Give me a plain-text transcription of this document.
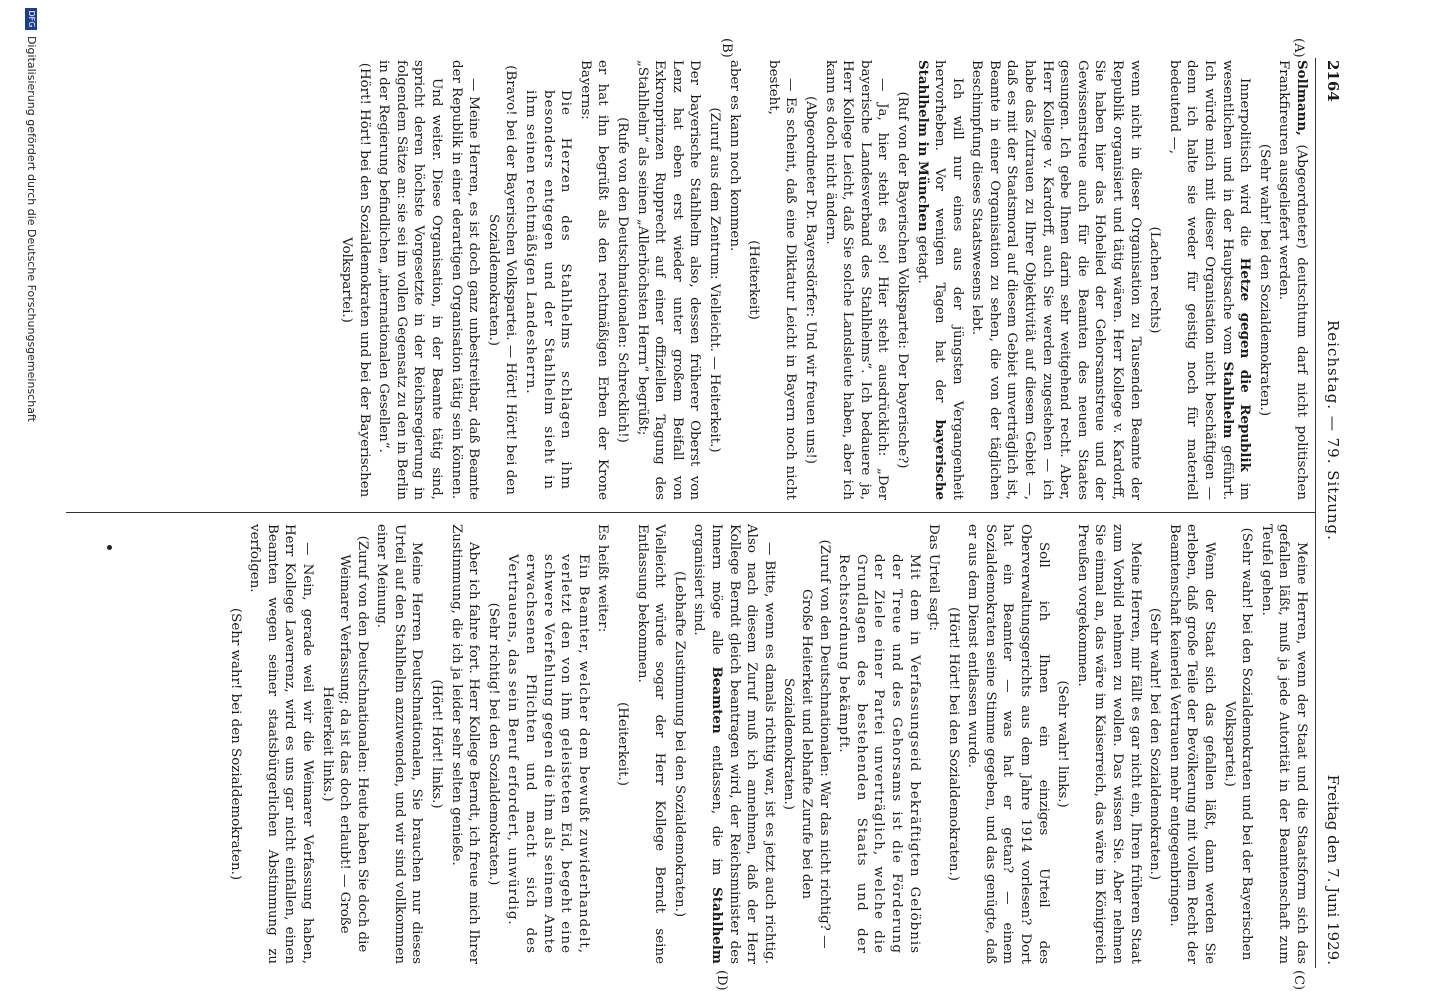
2164
Reichstag. — 79. Sitzung.
Freitag den 7. Juni 1929.
(A)
(B)
(C)
(D)

Sollmann, (Abgeordneter) deutschtum darf nicht politischen Frankfireuren ausgeliefert werden.

(Sehr wahr! bei den Sozialdemokraten.)

Innerpolitisch wird die Hetze gegen die Republik im wesentlichen und in der Hauptsache vom Stahlhelm geführt. Ich würde mich mit dieser Organisation nicht beschäftigen — denn ich halte sie weder für geistig noch für materiell bedeutend —,

(Lachen rechts)

wenn nicht in dieser Organisation zu Tausenden Beamte der Republik organisiert und tätig wären. Herr Kollege v. Kardorff, Sie haben hier das Hohelied der Gehorsamstreue und der Gewissenstreue auch für die Beamten des neuen Staates gesungen. Ich gebe Ihnen darin sehr weitgehend recht. Aber, Herr Kollege v. Kardorff, auch Sie werden zugestehen — ich habe das Zutrauen zu Ihrer Objektivität auf diesem Gebiet —, daß es mit der Staatsmoral auf diesem Gebiet unverträglich ist, Beamte in einer Organisation zu sehen, die von der täglichen Beschimpfung dieses Staatswesens lebt.

Ich will nur eines aus der jüngsten Vergangenheit hervorheben. Vor wenigen Tagen hat der bayerische Stahlhelm in München getagt.

(Ruf von der Bayerischen Volkspartei: Der bayerische?)

— Ja, hier steht es so! Hier steht ausdrücklich: „Der bayerische Landesverband des Stahlhelms“. Ich bedauere ja, Herr Kollege Leicht, daß Sie solche Landsleute haben, aber ich kann es doch nicht ändern.

(Abgeordneter Dr. Bayersdörfer: Und wir freuen uns!)

— Es scheint, daß eine Diktatur Leicht in Bayern noch nicht besteht,

(Heiterkeit)

aber es kann noch kommen.

(Zuruf aus dem Zentrum: Vielleicht. — Heiterkeit.)

Der bayerische Stahlhelm also, dessen früherer Oberst von Lenz hat eben erst wieder unter großem Beifall von Exkronprinzen Rupprecht auf einer offiziellen Tagung des „Stahlhelm“ als seinen „Allerhöchsten Herrn“ begrüßt;

(Rufe von den Deutschnationalen: Schrecklich!)

er hat ihn begrüßt als den rechtmäßigen Erben der Krone Bayerns:

Die Herzen des Stahlhelms schlagen ihm besonders entgegen und der Stahlhelm sieht in ihm seinen rechtmäßigen Landesherrn.

(Bravo! bei der Bayerischen Volkspartei. — Hört! Hört! bei den Sozialdemokraten.)

— Meine Herren, es ist doch ganz unbestreitbar, daß Beamte der Republik in einer derartigen Organisation tätig sein können.

Und weiter. Diese Organisation, in der Beamte tätig sind, spricht deren höchste Vorgesetzte in der Reichsregierung in folgendem Sätze an: sie sei im vollen Gegensatz zu den in Berlin in der Regierung befindlichen „internationalen Gesellen“.

(Hört! Hört! bei den Sozialdemokraten und bei der Bayerischen Volkspartei.)

Meine Herren, wenn der Staat und die Staatsform sich das gefallen läßt, muß ja jede Autorität in der Beamtenschaft zum Teufel gehen.

(Sehr wahr! bei den Sozialdemokraten und bei der Bayerischen Volkspartei.)

Wenn der Staat sich das gefallen läßt, dann werden Sie erleben, daß große Teile der Bevölkerung mit vollem Recht der Beamtenschaft keinerlei Vertrauen mehr entgegenbringen.

(Sehr wahr! bei den Sozialdemokraten.)

Meine Herren, mir fällt es gar nicht ein, Ihren früheren Staat zum Vorbild nehmen zu wollen. Das wissen Sie. Aber nehmen Sie einmal an, das wäre im Kaiserreich, das wäre im Königreich Preußen vorgekommen.

(Sehr wahr! links.)

Soll ich Ihnen ein einziges Urteil des Oberverwaltungsgerichts aus dem Jahre 1914 vorlesen? Dort hat ein Beamter — was hat er getan? — einem Sozialdemokraten seine Stimme gegeben, und das genügte, daß er aus dem Dienst entlassen wurde.

(Hört! Hört! bei den Sozialdemokraten.)

Das Urteil sagt:

Mit dem in Verfassungseid bekräftigten Gelöbnis der Treue und des Gehorsams ist die Förderung der Ziele einer Partei unverträglich, welche die Grundlagen des bestehenden Staats und der Rechtsordnung bekämpft.

(Zuruf von den Deutschnationalen: War das nicht richtig? — Große Heiterkeit und lebhafte Zurufe bei den Sozialdemokraten.)

— Bitte, wenn es damals richtig war, ist es jetzt auch richtig. Also nach diesem Zuruf muß ich annehmen, daß der Herr Kollege Berndt gleich beantragen wird, der Reichsminister des Innern möge alle Beamten entlassen, die im Stahlhelm organisiert sind.

(Lebhafte Zustimmung bei den Sozialdemokraten.)

Vielleicht würde sogar der Herr Kollege Berndt seine Entlassung bekommen.

(Heiterkeit.)

Es heißt weiter:

Ein Beamter, welcher dem bewußt zuwiderhandelt, verletzt den von ihm geleisteten Eid, begeht eine schwere Verfehlung gegen die ihm als seinem Amte erwachsenen Pflichten und macht sich des Vertrauens, das sein Beruf erfordert, unwürdig.

(Sehr richtig! bei den Sozialdemokraten.)

Aber ich fahre fort. Herr Kollege Berndt, ich freue mich Ihrer Zustimmung, die ich ja leider sehr selten genieße.

(Hört! Hört! links.)

Meine Herren Deutschnationalen, Sie brauchen nur dieses Urteil auf den Stahlhelm anzuwenden, und wir sind vollkommen einer Meinung.

(Zuruf von den Deutschnationalen: Heute haben Sie doch die Weimarer Verfassung; da ist das doch erlaubt! — Große Heiterkeit links.)

— Nein, gerade weil wir die Weimarer Verfassung haben, Herr Kollege Laverrenz, wird es uns gar nicht einfallen, einen Beamten wegen seiner staatsbürgerlichen Abstimmung zu verfolgen.

(Sehr wahr! bei den Sozialdemokraten.)

DFGDigitalisierung gefördert durch die Deutsche Forschungsgemeinschaft
